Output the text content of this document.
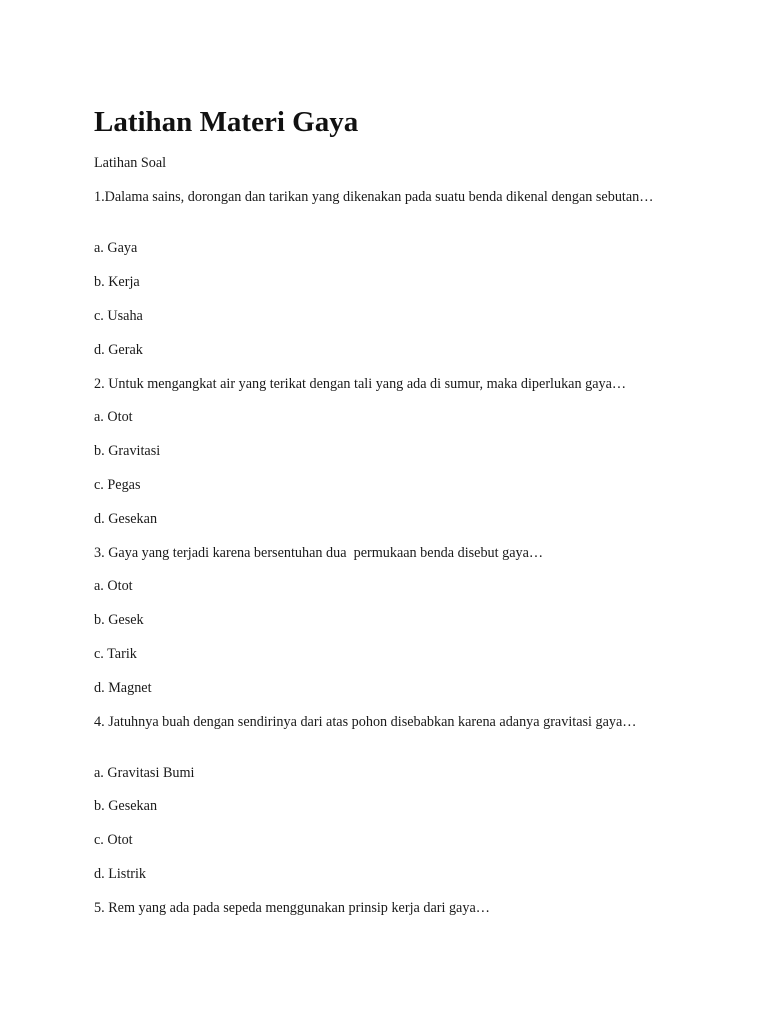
Latihan Materi Gaya

Latihan Soal

1.Dalama sains, dorongan dan tarikan yang dikenakan pada suatu benda dikenal dengan sebutan…

a. Gaya

b. Kerja

c. Usaha

d. Gerak

2. Untuk mengangkat air yang terikat dengan tali yang ada di sumur, maka diperlukan gaya…

a. Otot

b. Gravitasi

c. Pegas

d. Gesekan

3. Gaya yang terjadi karena bersentuhan dua  permukaan benda disebut gaya…

a. Otot

b. Gesek

c. Tarik

d. Magnet

4. Jatuhnya buah dengan sendirinya dari atas pohon disebabkan karena adanya gravitasi gaya…

a. Gravitasi Bumi

b. Gesekan

c. Otot

d. Listrik

5. Rem yang ada pada sepeda menggunakan prinsip kerja dari gaya…
